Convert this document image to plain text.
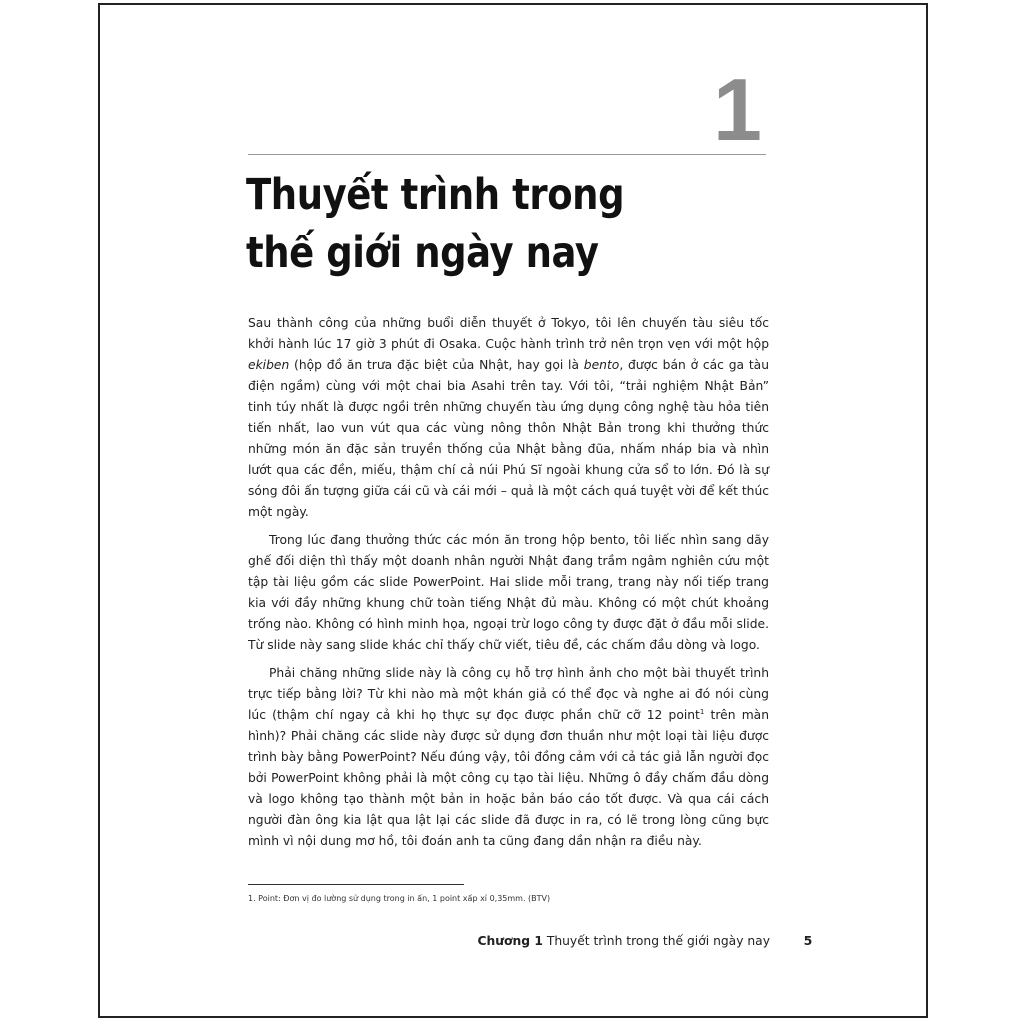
1
Thuyết trình trong
thế giới ngày nay

Sau thành công của những buổi diễn thuyết ở Tokyo, tôi lên chuyến tàu siêu tốc khởi hành lúc 17 giờ 3 phút đi Osaka. Cuộc hành trình trở nên trọn vẹn với một hộp ekiben (hộp đồ ăn trưa đặc biệt của Nhật, hay gọi là bento, được bán ở các ga tàu điện ngầm) cùng với một chai bia Asahi trên tay. Với tôi, “trải nghiệm Nhật Bản” tinh túy nhất là được ngồi trên những chuyến tàu ứng dụng công nghệ tàu hỏa tiên tiến nhất, lao vun vút qua các vùng nông thôn Nhật Bản trong khi thưởng thức những món ăn đặc sản truyền thống của Nhật bằng đũa, nhấm nháp bia và nhìn lướt qua các đền, miếu, thậm chí cả núi Phú Sĩ ngoài khung cửa sổ to lớn. Đó là sự sóng đôi ấn tượng giữa cái cũ và cái mới – quả là một cách quá tuyệt vời để kết thúc một ngày.

Trong lúc đang thưởng thức các món ăn trong hộp bento, tôi liếc nhìn sang dãy ghế đối diện thì thấy một doanh nhân người Nhật đang trầm ngâm nghiên cứu một tập tài liệu gồm các slide PowerPoint. Hai slide mỗi trang, trang này nối tiếp trang kia với đầy những khung chữ toàn tiếng Nhật đủ màu. Không có một chút khoảng trống nào. Không có hình minh họa, ngoại trừ logo công ty được đặt ở đầu mỗi slide. Từ slide này sang slide khác chỉ thấy chữ viết, tiêu đề, các chấm đầu dòng và logo.

Phải chăng những slide này là công cụ hỗ trợ hình ảnh cho một bài thuyết trình trực tiếp bằng lời? Từ khi nào mà một khán giả có thể đọc và nghe ai đó nói cùng lúc (thậm chí ngay cả khi họ thực sự đọc được phần chữ cỡ 12 point$^1$ trên màn hình)? Phải chăng các slide này được sử dụng đơn thuần như một loại tài liệu được trình bày bằng PowerPoint? Nếu đúng vậy, tôi đồng cảm với cả tác giả lẫn người đọc bởi PowerPoint không phải là một công cụ tạo tài liệu. Những ô đầy chấm đầu dòng và logo không tạo thành một bản in hoặc bản báo cáo tốt được. Và qua cái cách người đàn ông kia lật qua lật lại các slide đã được in ra, có lẽ trong lòng cũng bực mình vì nội dung mơ hồ, tôi đoán anh ta cũng đang dần nhận ra điều này.

1. Point: Đơn vị đo lường sử dụng trong in ấn, 1 point xấp xỉ 0,35mm. (BTV)
Chương 1 Thuyết trình trong thế giới ngày nay	5
